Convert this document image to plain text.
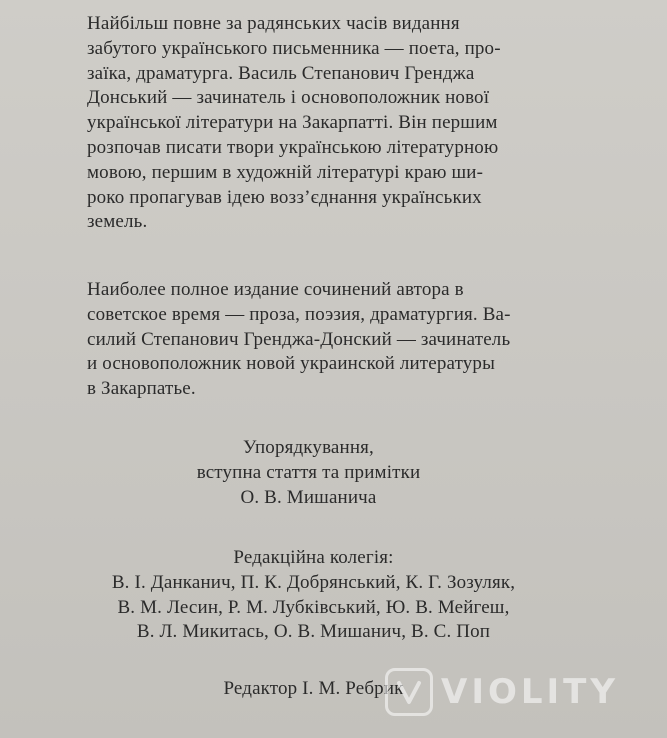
Найбільш повне за радянських часів видання
забутого українського письменника — поета, про-
заїка, драматурга. Василь Степанович Гренджа
Донський — зачинатель і основоположник нової
української літератури на Закарпатті. Він першим
розпочав писати твори українською літературною
мовою, першим в художній літературі краю ши-
роко пропагував ідею возз’єднання українських
земель.
Наиболее полное издание сочинений автора в
советское время — проза, поэзия, драматургия. Ва-
силий Степанович Гренджа-Донский — зачинатель
и основоположник новой украинской литературы
в Закарпатье.
Упорядкування,
вступна стаття та примітки
О. В. Мишанича
Редакційна колегія:
В. І. Данканич, П. К. Добрянський, К. Г. Зозуляк,
В. М. Лесин, Р. М. Лубківський, Ю. В. Мейгеш,
В. Л. Микитась, О. В. Мишанич, В. С. Поп
Редактор І. М. Ребрик	VIOLITY
